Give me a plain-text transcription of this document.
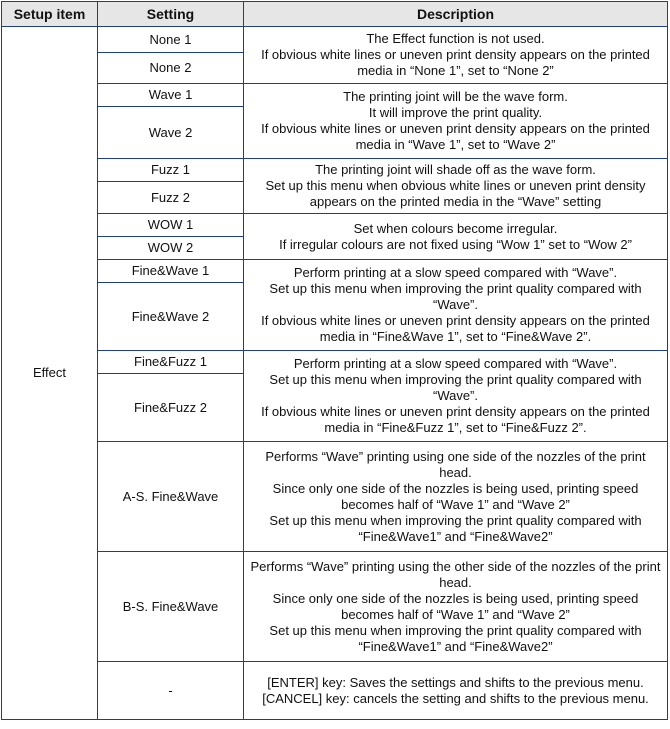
Setup item	Setting	Description
Effect	None 1	The Effect function is not used.
If obvious white lines or uneven print density appears on the printed media in “None 1”, set to “None 2”
	None 2	
	Wave 1	The printing joint will be the wave form.
It will improve the print quality.
If obvious white lines or uneven print density appears on the printed media in “Wave 1”, set to “Wave 2”
	Wave 2	
	Fuzz 1	The printing joint will shade off as the wave form.
Set up this menu when obvious white lines or uneven print density appears on the printed media in the “Wave” setting
	Fuzz 2	
	WOW 1	Set when colours become irregular.
If irregular colours are not fixed using “Wow 1” set to “Wow 2”
	WOW 2	
	Fine&Wave 1	Perform printing at a slow speed compared with “Wave”.
Set up this menu when improving the print quality compared with “Wave”.
If obvious white lines or uneven print density appears on the printed media in “Fine&Wave 1”, set to “Fine&Wave 2”.
	Fine&Wave 2	
	Fine&Fuzz 1	Perform printing at a slow speed compared with “Wave”.
Set up this menu when improving the print quality compared with “Wave”.
If obvious white lines or uneven print density appears on the printed media in “Fine&Fuzz 1”, set to “Fine&Fuzz 2”.
	Fine&Fuzz 2	
	A-S. Fine&Wave	Performs “Wave” printing using one side of the nozzles of the print head.
Since only one side of the nozzles is being used, printing speed becomes half of “Wave 1” and “Wave 2”
Set up this menu when improving the print quality compared with “Fine&Wave1” and “Fine&Wave2”
	B-S. Fine&Wave	Performs “Wave” printing using the other side of the nozzles of the print head.
Since only one side of the nozzles is being used, printing speed becomes half of “Wave 1” and “Wave 2”
Set up this menu when improving the print quality compared with “Fine&Wave1” and “Fine&Wave2”
	-	[ENTER] key: Saves the settings and shifts to the previous menu.
[CANCEL] key: cancels the setting and shifts to the previous menu.
